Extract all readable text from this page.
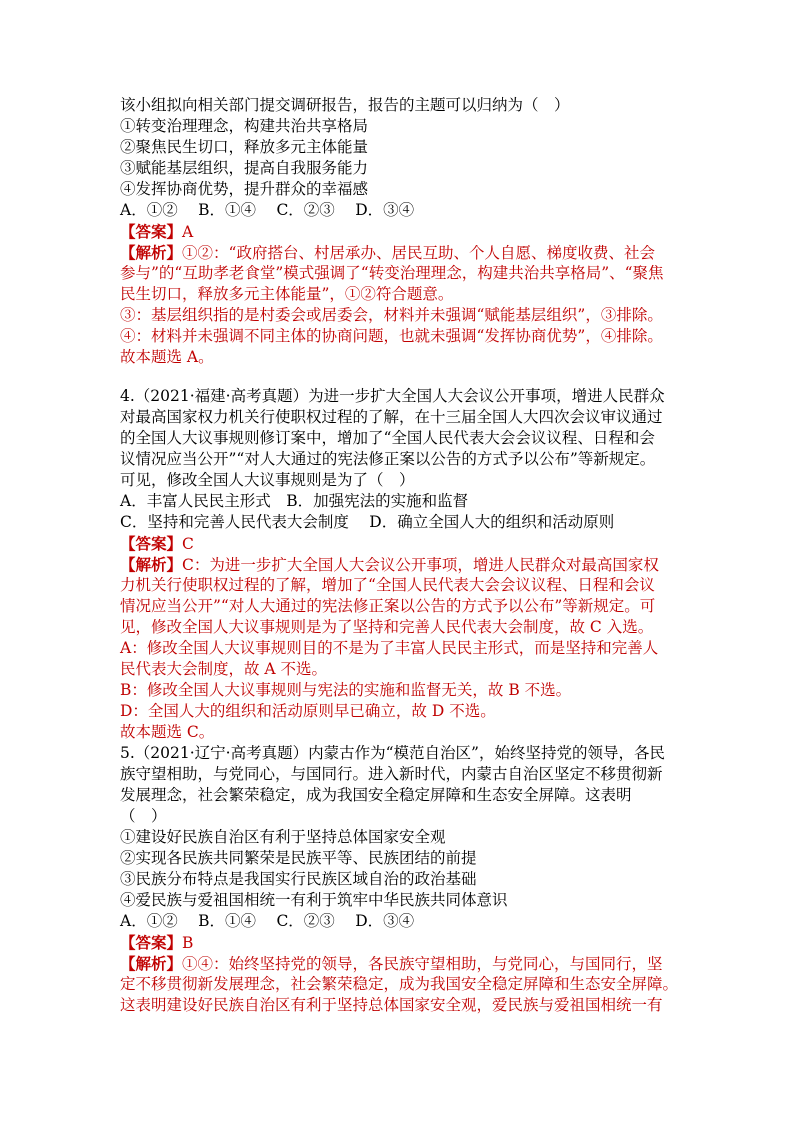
该小组拟向相关部门提交调研报告，报告的主题可以归纳为（　）
①转变治理理念，构建共治共享格局
②聚焦民生切口，释放多元主体能量
③赋能基层组织，提高自我服务能力
④发挥协商优势，提升群众的幸福感
A．①②　 B．①④　 C．②③　 D．③④
【答案】A
【解析】①②：“政府搭台、村居承办、居民互助、个人自愿、梯度收费、社会
参与”的“互助孝老食堂”模式强调了“转变治理理念，构建共治共享格局”、“聚焦
民生切口，释放多元主体能量”，①②符合题意。
③：基层组织指的是村委会或居委会，材料并未强调“赋能基层组织”，③排除。
④：材料并未强调不同主体的协商问题，也就未强调“发挥协商优势”，④排除。
故本题选 A。
4.（2021·福建·高考真题）为进一步扩大全国人大会议公开事项，增进人民群众
对最高国家权力机关行使职权过程的了解，在十三届全国人大四次会议审议通过
的全国人大议事规则修订案中，增加了“全国人民代表大会会议议程、日程和会
议情况应当公开”“对人大通过的宪法修正案以公告的方式予以公布”等新规定。
可见，修改全国人大议事规则是为了（　）
A．丰富人民民主形式　B．加强宪法的实施和监督
C．坚持和完善人民代表大会制度　 D．确立全国人大的组织和活动原则
【答案】C
【解析】C：为进一步扩大全国人大会议公开事项，增进人民群众对最高国家权
力机关行使职权过程的了解，增加了“全国人民代表大会会议议程、日程和会议
情况应当公开”“对人大通过的宪法修正案以公告的方式予以公布”等新规定。可
见，修改全国人大议事规则是为了坚持和完善人民代表大会制度，故 C 入选。
A：修改全国人大议事规则目的不是为了丰富人民民主形式，而是坚持和完善人
民代表大会制度，故 A 不选。
B：修改全国人大议事规则与宪法的实施和监督无关，故 B 不选。
D：全国人大的组织和活动原则早已确立，故 D 不选。
故本题选 C。
5.（2021·辽宁·高考真题）内蒙古作为“模范自治区”，始终坚持党的领导，各民
族守望相助，与党同心，与国同行。进入新时代，内蒙古自治区坚定不移贯彻新
发展理念，社会繁荣稳定，成为我国安全稳定屏障和生态安全屏障。这表明
（　）
①建设好民族自治区有利于坚持总体国家安全观
②实现各民族共同繁荣是民族平等、民族团结的前提
③民族分布特点是我国实行民族区域自治的政治基础
④爱民族与爱祖国相统一有利于筑牢中华民族共同体意识
A．①②　 B．①④　 C．②③　 D．③④
【答案】B
【解析】①④：始终坚持党的领导，各民族守望相助，与党同心，与国同行，坚
定不移贯彻新发展理念，社会繁荣稳定，成为我国安全稳定屏障和生态安全屏障。
这表明建设好民族自治区有利于坚持总体国家安全观，爱民族与爱祖国相统一有
